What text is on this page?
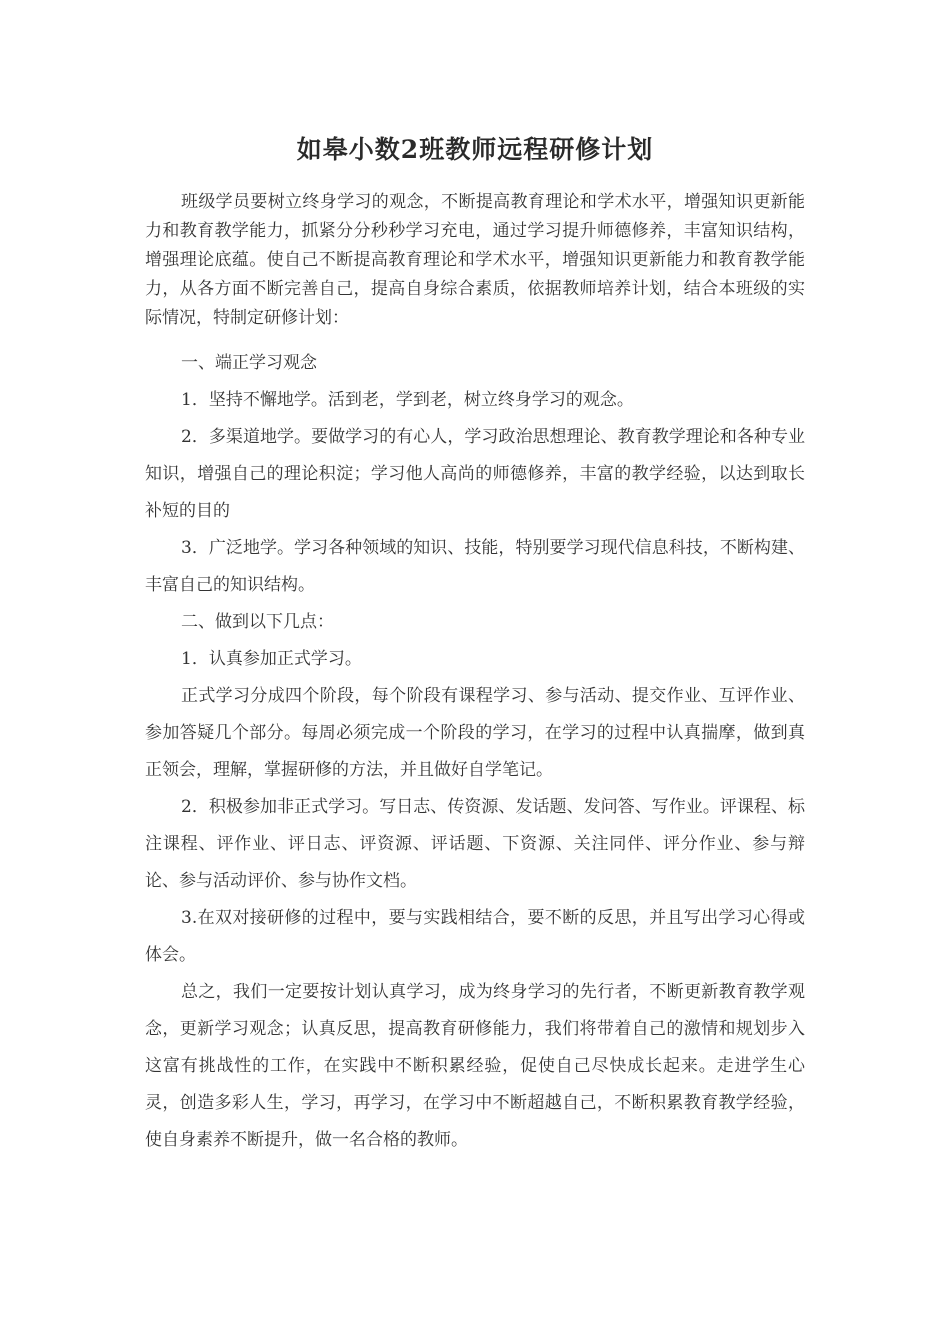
如皋小数2班教师远程研修计划

班级学员要树立终身学习的观念，不断提高教育理论和学术水平，增强知识更新能力和教育教学能力，抓紧分分秒秒学习充电，通过学习提升师德修养，丰富知识结构，增强理论底蕴。使自己不断提高教育理论和学术水平，增强知识更新能力和教育教学能力，从各方面不断完善自己，提高自身综合素质，依据教师培养计划，结合本班级的实际情况，特制定研修计划：

一、端正学习观念

1．坚持不懈地学。活到老，学到老，树立终身学习的观念。

2．多渠道地学。要做学习的有心人，学习政治思想理论、教育教学理论和各种专业知识，增强自己的理论积淀；学习他人高尚的师德修养，丰富的教学经验，以达到取长补短的目的

3．广泛地学。学习各种领域的知识、技能，特别要学习现代信息科技，不断构建、丰富自己的知识结构。

二、做到以下几点：

1．认真参加正式学习。

正式学习分成四个阶段，每个阶段有课程学习、参与活动、提交作业、互评作业、参加答疑几个部分。每周必须完成一个阶段的学习，在学习的过程中认真揣摩，做到真正领会，理解，掌握研修的方法，并且做好自学笔记。

2．积极参加非正式学习。写日志、传资源、发话题、发问答、写作业。评课程、标注课程、评作业、评日志、评资源、评话题、下资源、关注同伴、评分作业、参与辩论、参与活动评价、参与协作文档。

3.在双对接研修的过程中，要与实践相结合，要不断的反思，并且写出学习心得或体会。

总之，我们一定要按计划认真学习，成为终身学习的先行者，不断更新教育教学观念，更新学习观念；认真反思，提高教育研修能力，我们将带着自己的激情和规划步入这富有挑战性的工作，在实践中不断积累经验，促使自己尽快成长起来。走进学生心灵，创造多彩人生，学习，再学习，在学习中不断超越自己，不断积累教育教学经验，使自身素养不断提升，做一名合格的教师。
